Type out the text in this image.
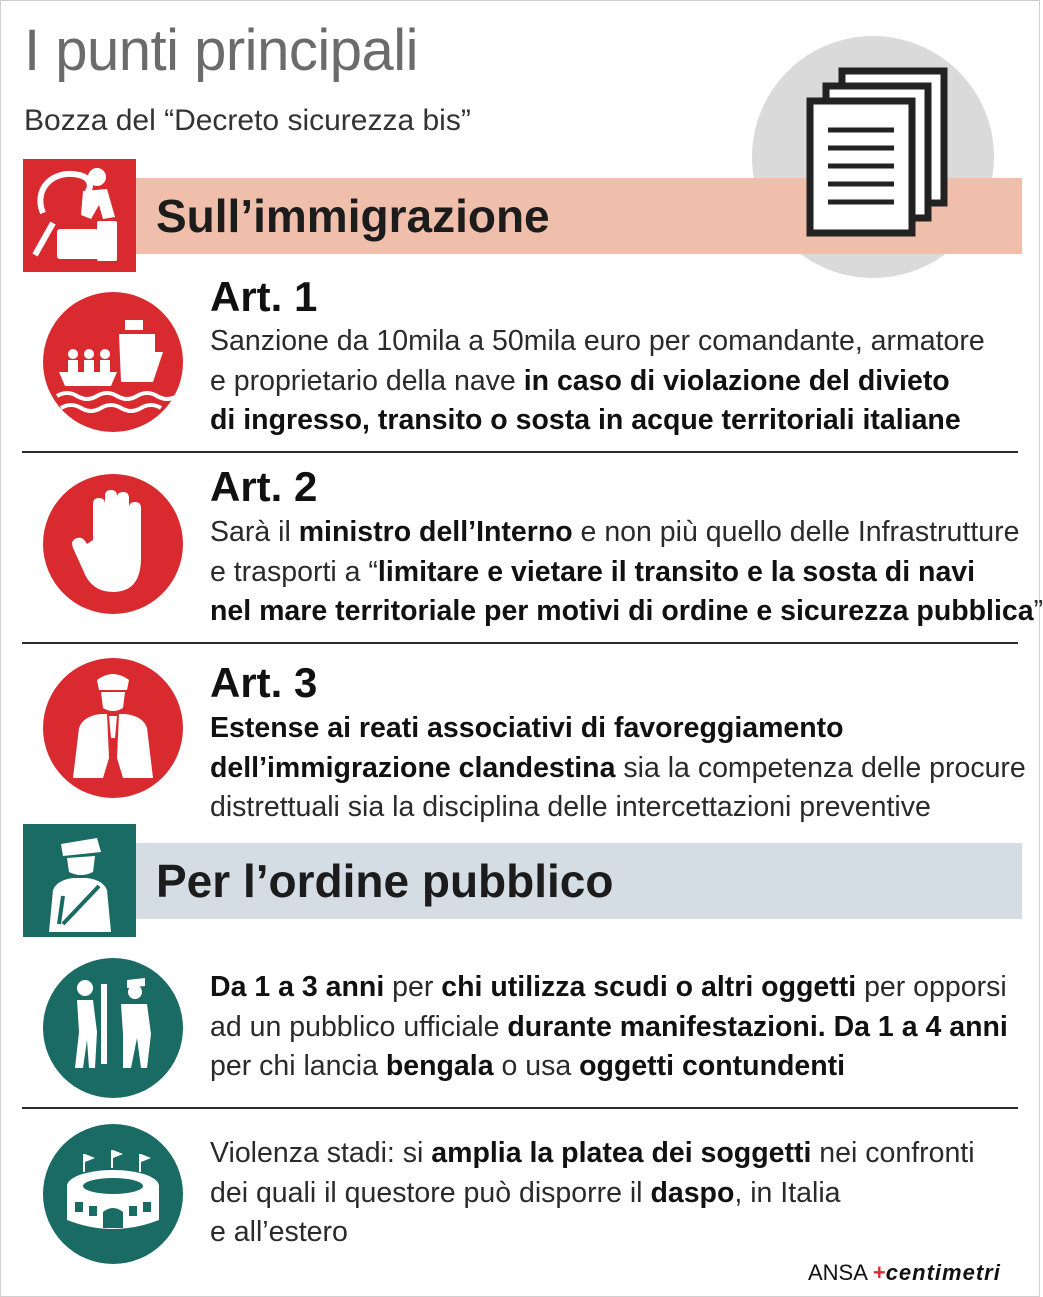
I punti principali
Bozza del “Decreto sicurezza bis”
Sull’immigrazione
Art. 1
Sanzione da 10mila a 50mila euro per comandante, armatore
e proprietario della nave in caso di violazione del divieto
di ingresso, transito o sosta in acque territoriali italiane
Art. 2
Sarà il ministro dell’Interno e non più quello delle Infrastrutture
e trasporti a “limitare e vietare il transito e la sosta di navi
nel mare territoriale per motivi di ordine e sicurezza pubblica”
Art. 3
Estense ai reati associativi di favoreggiamento
dell’immigrazione clandestina sia la competenza delle procure
distrettuali sia la disciplina delle intercettazioni preventive
Per l’ordine pubblico
Da 1 a 3 anni per chi utilizza scudi o altri oggetti per opporsi
ad un pubblico ufficiale durante manifestazioni. Da 1 a 4 anni
per chi lancia bengala o usa oggetti contundenti
Violenza stadi: si amplia la platea dei soggetti nei confronti
dei quali il questore può disporre il daspo, in Italia
e all’estero
ANSA +centimetri
